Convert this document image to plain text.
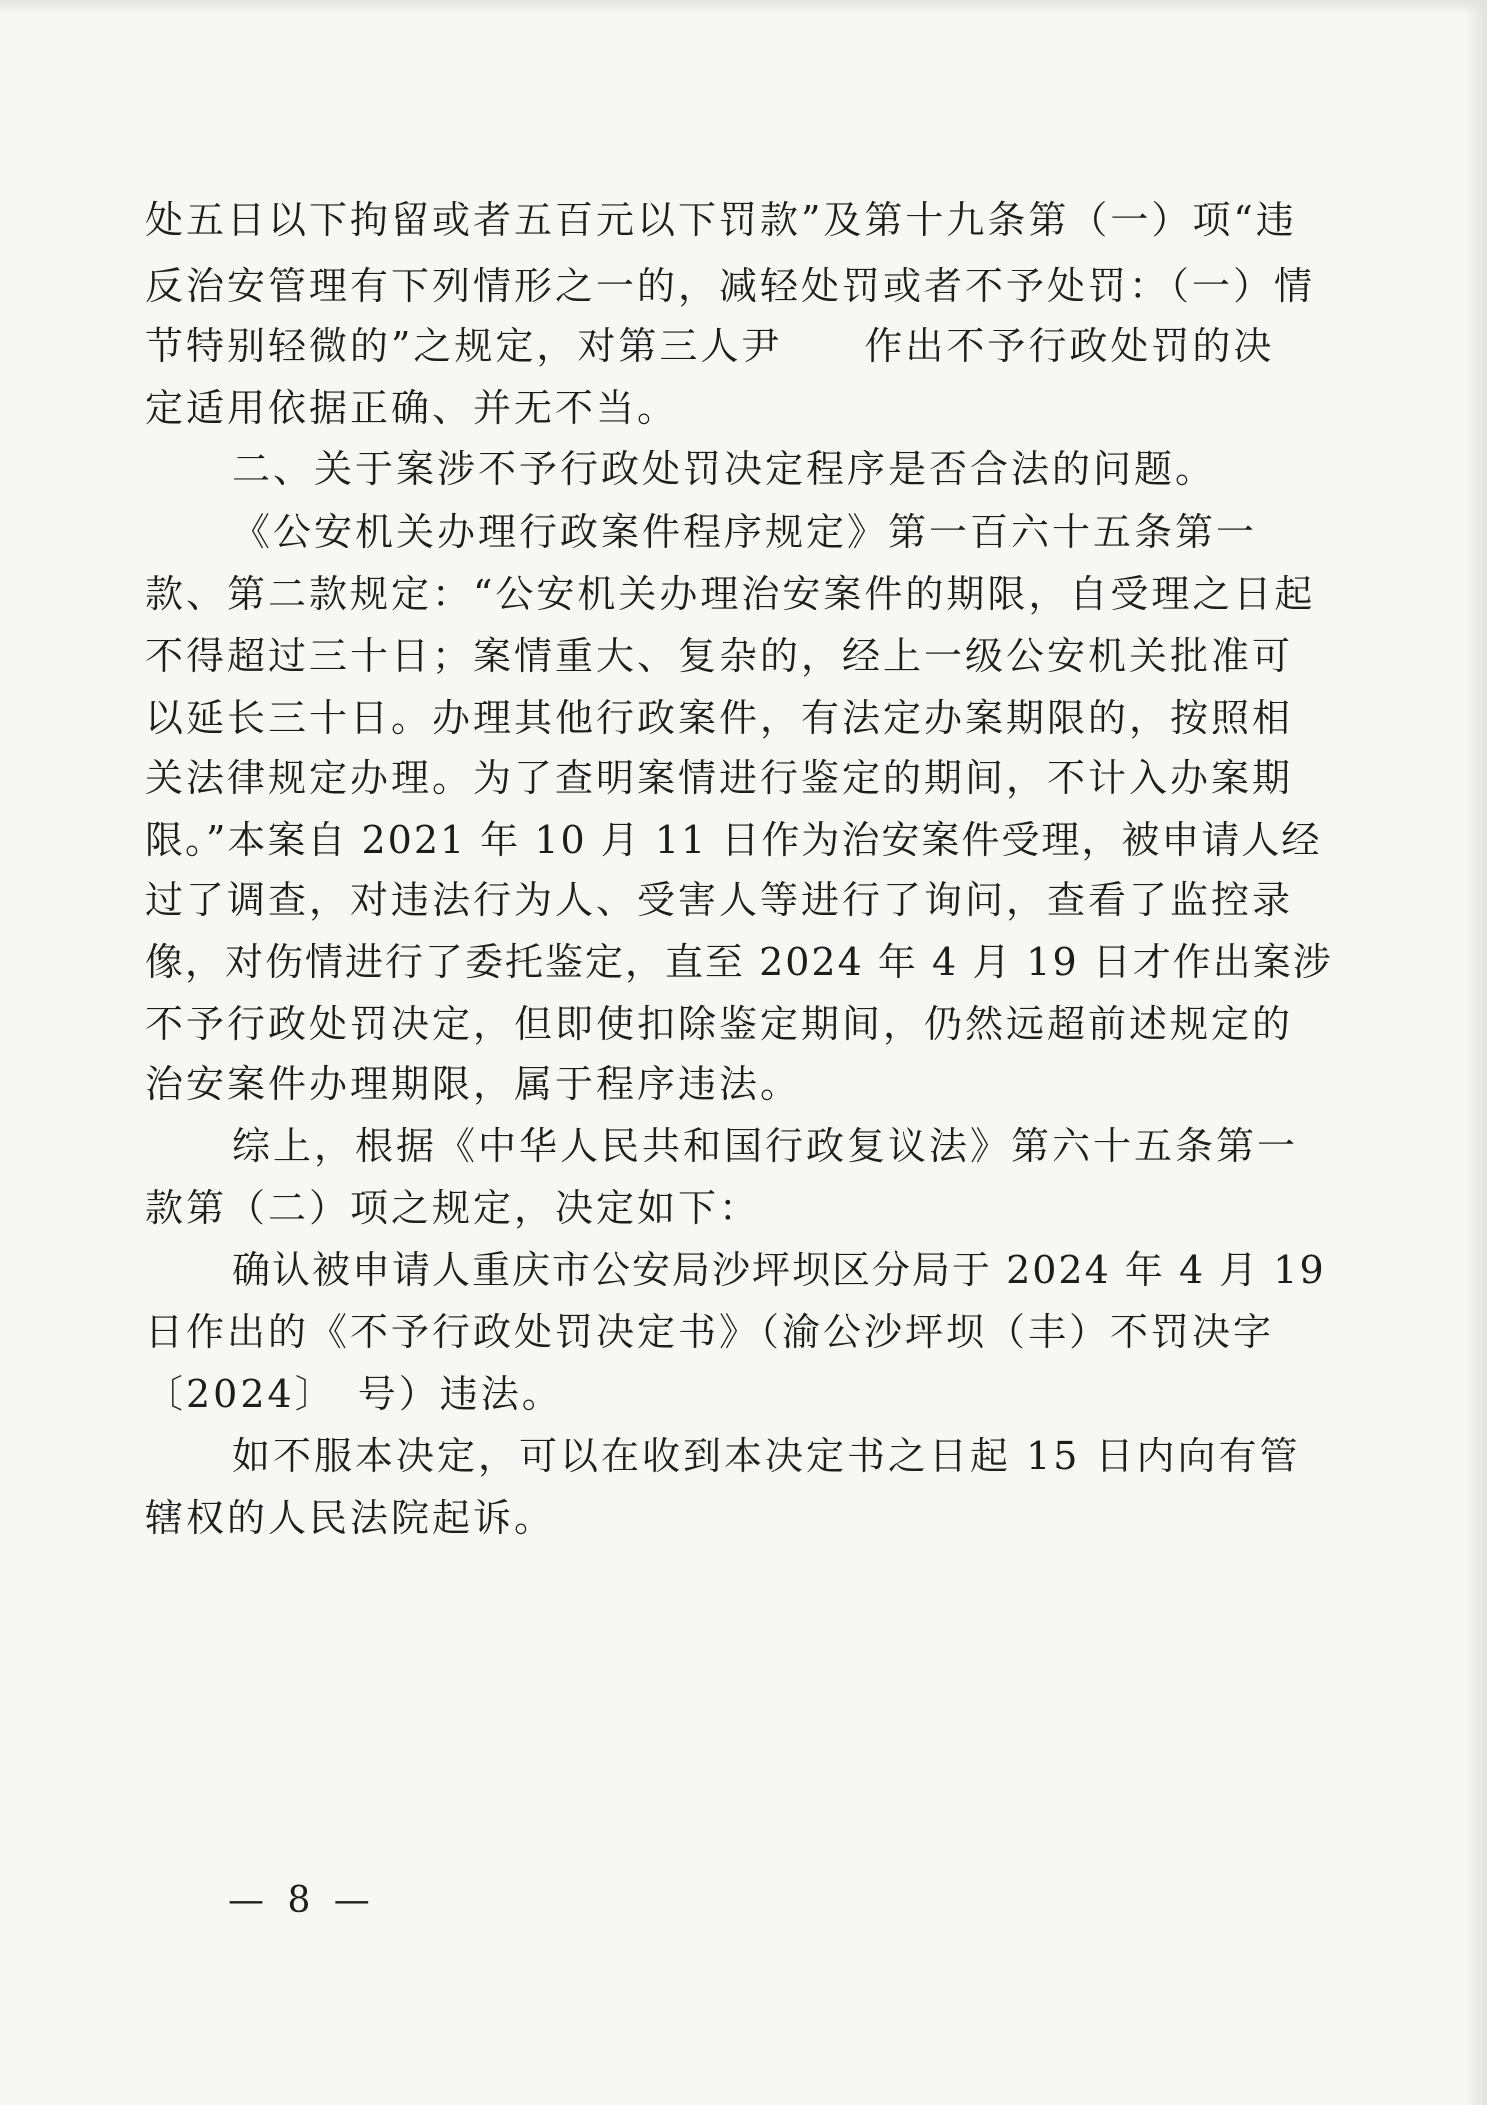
处五日以下拘留或者五百元以下罚款”及第十九条第（一）项“违
反治安管理有下列情形之一的，减轻处罚或者不予处罚：（一）情
节特别轻微的”之规定，对第三人尹　　作出不予行政处罚的决
定适用依据正确、并无不当。
二、关于案涉不予行政处罚决定程序是否合法的问题。
《公安机关办理行政案件程序规定》第一百六十五条第一
款、第二款规定：“公安机关办理治安案件的期限，自受理之日起
不得超过三十日；案情重大、复杂的，经上一级公安机关批准可
以延长三十日。办理其他行政案件，有法定办案期限的，按照相
关法律规定办理。为了查明案情进行鉴定的期间，不计入办案期
限。”本案自 2021 年 10 月 11 日作为治安案件受理，被申请人经
过了调查，对违法行为人、受害人等进行了询问，查看了监控录
像，对伤情进行了委托鉴定，直至 2024 年 4 月 19 日才作出案涉
不予行政处罚决定，但即使扣除鉴定期间，仍然远超前述规定的
治安案件办理期限，属于程序违法。
综上，根据《中华人民共和国行政复议法》第六十五条第一
款第（二）项之规定，决定如下：
确认被申请人重庆市公安局沙坪坝区分局于 2024 年 4 月 19
日作出的《不予行政处罚决定书》（渝公沙坪坝（丰）不罚决字
〔2024〕　号）违法。
如不服本决定，可以在收到本决定书之日起 15 日内向有管
辖权的人民法院起诉。
— 8 —
